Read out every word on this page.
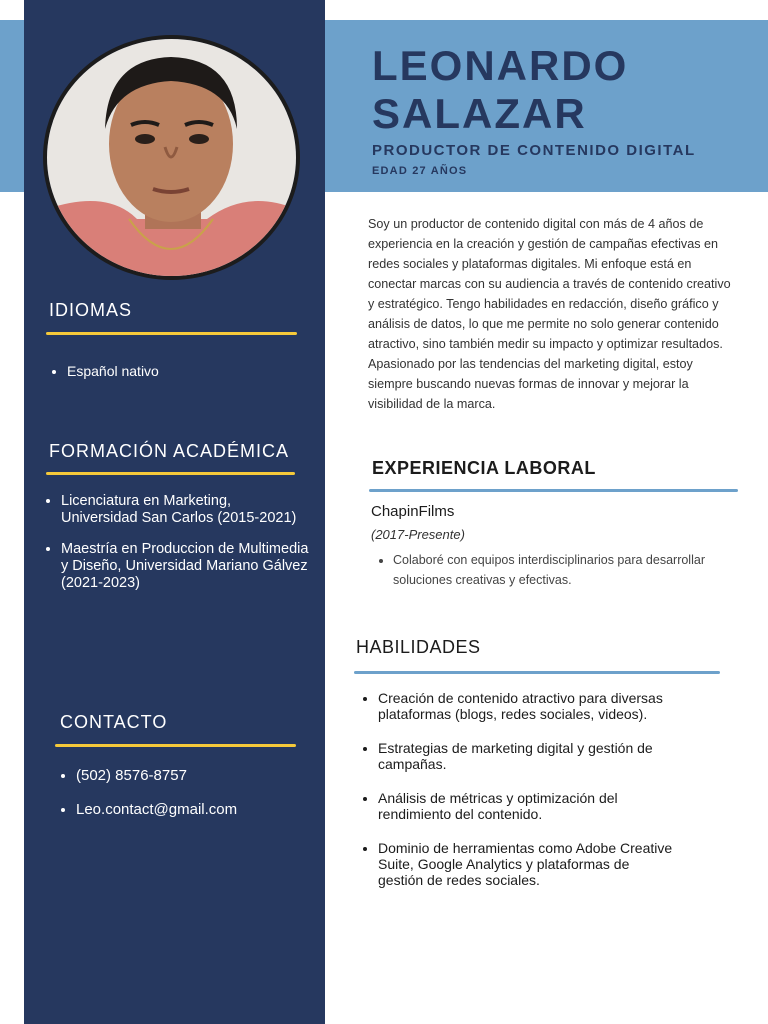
LEONARDO
SALAZAR
PRODUCTOR DE CONTENIDO DIGITAL
EDAD 27 AÑOS
IDIOMAS
• Español nativo
FORMACIÓN ACADÉMICA
• Licenciatura en Marketing, Universidad San Carlos (2015-2021)
• Maestría en Produccion de Multimedia y Diseño, Universidad Mariano Gálvez (2021-2023)
CONTACTO
• (502) 8576-8757
• Leo.contact@gmail.com
Soy un productor de contenido digital con más de 4 años de experiencia en la creación y gestión de campañas efectivas en redes sociales y plataformas digitales. Mi enfoque está en conectar marcas con su audiencia a través de contenido creativo y estratégico. Tengo habilidades en redacción, diseño gráfico y análisis de datos, lo que me permite no solo generar contenido atractivo, sino también medir su impacto y optimizar resultados. Apasionado por las tendencias del marketing digital, estoy siempre buscando nuevas formas de innovar y mejorar la visibilidad de la marca.
EXPERIENCIA LABORAL
ChapinFilms
(2017-Presente)
• Colaboré con equipos interdisciplinarios para desarrollar soluciones creativas y efectivas.
HABILIDADES
• Creación de contenido atractivo para diversas plataformas (blogs, redes sociales, videos).
• Estrategias de marketing digital y gestión de campañas.
• Análisis de métricas y optimización del rendimiento del contenido.
• Dominio de herramientas como Adobe Creative Suite, Google Analytics y plataformas de gestión de redes sociales.
